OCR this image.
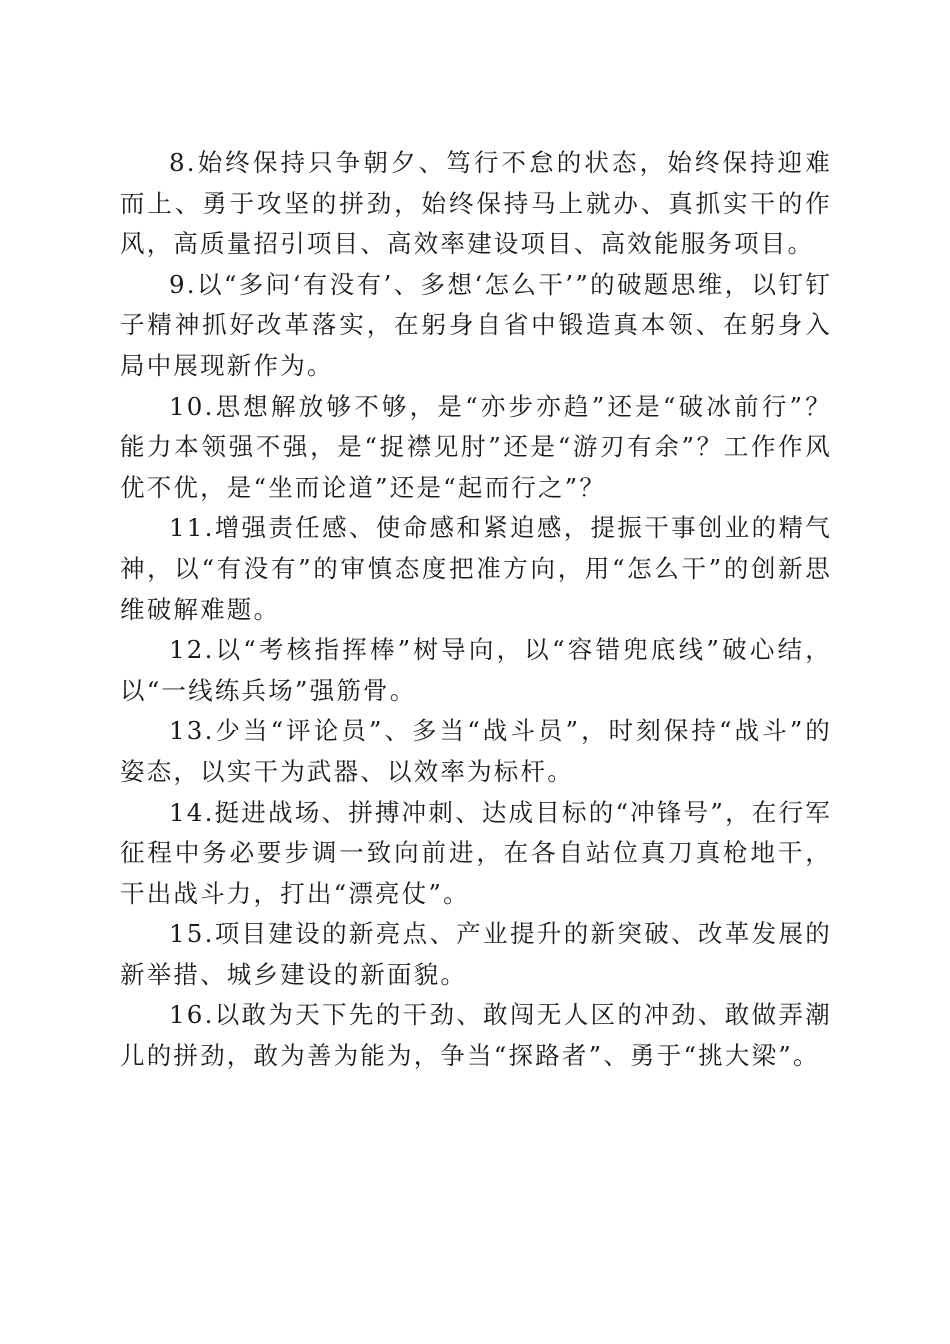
8.始终保持只争朝夕、笃行不怠的状态，始终保持迎难而上、勇于攻坚的拼劲，始终保持马上就办、真抓实干的作风，高质量招引项目、高效率建设项目、高效能服务项目。

9.以“多问‘有没有’、多想‘怎么干’”的破题思维，以钉钉子精神抓好改革落实，在躬身自省中锻造真本领、在躬身入局中展现新作为。

10.思想解放够不够，是“亦步亦趋”还是“破冰前行”？能力本领强不强，是“捉襟见肘”还是“游刃有余”？工作作风优不优，是“坐而论道”还是“起而行之”？

11.增强责任感、使命感和紧迫感，提振干事创业的精气神，以“有没有”的审慎态度把准方向，用“怎么干”的创新思维破解难题。

12.以“考核指挥棒”树导向，以“容错兜底线”破心结，以“一线练兵场”强筋骨。

13.少当“评论员”、多当“战斗员”，时刻保持“战斗”的姿态，以实干为武器、以效率为标杆。

14.挺进战场、拼搏冲刺、达成目标的“冲锋号”，在行军征程中务必要步调一致向前进，在各自站位真刀真枪地干，干出战斗力，打出“漂亮仗”。

15.项目建设的新亮点、产业提升的新突破、改革发展的新举措、城乡建设的新面貌。

16.以敢为天下先的干劲、敢闯无人区的冲劲、敢做弄潮儿的拼劲，敢为善为能为，争当“探路者”、勇于“挑大梁”。
